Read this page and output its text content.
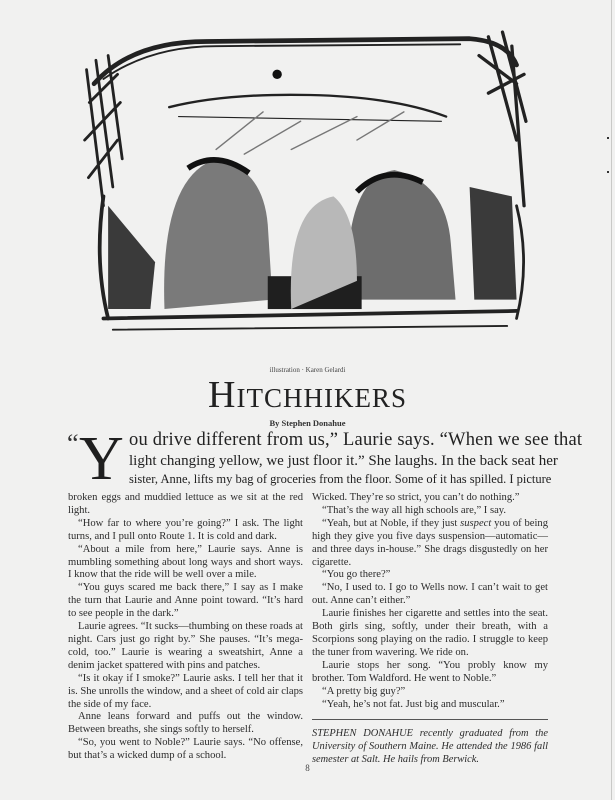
illustration · Karen Gelardi
Hitchhikers
By Stephen Donahue
“ Y ou drive different from us,” Laurie says. “When we see that
light changing yellow, we just floor it.” She laughs. In the back seat her
sister, Anne, lifts my bag of groceries from the floor. Some of it has spilled. I picture

broken eggs and muddied lettuce as we sit at the red light.

“How far to where you’re going?” I ask. The light turns, and I pull onto Route 1. It is cold and dark.

“About a mile from here,” Laurie says. Anne is mumbling something about long ways and short ways. I know that the ride will be well over a mile.

“You guys scared me back there,” I say as I make the turn that Laurie and Anne point toward. “It’s hard to see people in the dark.”

Laurie agrees. “It sucks—thumbing on these roads at night. Cars just go right by.” She pauses. “It’s mega-cold, too.” Laurie is wearing a sweatshirt, Anne a denim jacket spattered with pins and patches.

“Is it okay if I smoke?” Laurie asks. I tell her that it is. She unrolls the window, and a sheet of cold air claps the side of my face.

Anne leans forward and puffs out the window. Between breaths, she sings softly to herself.

“So, you went to Noble?” Laurie says. “No offense, but that’s a wicked dump of a school.

Wicked. They’re so strict, you can’t do nothing.”

“That’s the way all high schools are,” I say.

“Yeah, but at Noble, if they just suspect you of being high they give you five days suspension—automatic—and three days in-house.” She drags disgustedly on her cigarette.

“You go there?”

“No, I used to. I go to Wells now. I can’t wait to get out. Anne can’t either.”

Laurie finishes her cigarette and settles into the seat. Both girls sing, softly, under their breath, with a Scorpions song playing on the radio. I struggle to keep the tuner from wavering. We ride on.

Laurie stops her song. “You probly know my brother. Tom Waldford. He went to Noble.”

“A pretty big guy?”

“Yeah, he’s not fat. Just big and muscular.”

STEPHEN DONAHUE recently graduated from the University of Southern Maine. He attended the 1986 fall semester at Salt. He hails from Berwick.

8
